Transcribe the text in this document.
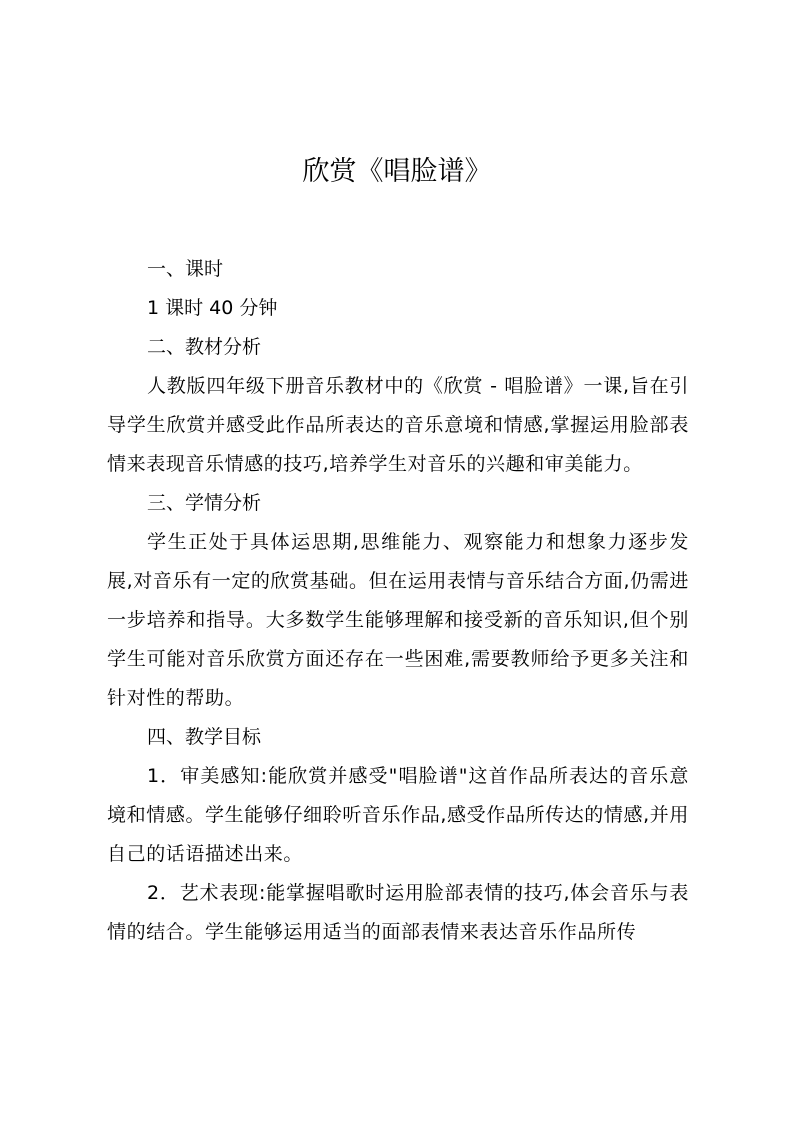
欣赏《唱脸谱》
一、课时

1 课时 40 分钟

二、教材分析

人教版四年级下册音乐教材中的《欣赏 - 唱脸谱》一课,旨在引导学生欣赏并感受此作品所表达的音乐意境和情感,掌握运用脸部表情来表现音乐情感的技巧,培养学生对音乐的兴趣和审美能力。

三、学情分析

学生正处于具体运思期,思维能力、观察能力和想象力逐步发展,对音乐有一定的欣赏基础。但在运用表情与音乐结合方面,仍需进一步培养和指导。大多数学生能够理解和接受新的音乐知识,但个别学生可能对音乐欣赏方面还存在一些困难,需要教师给予更多关注和针对性的帮助。

四、教学目标

1．审美感知:能欣赏并感受"唱脸谱"这首作品所表达的音乐意境和情感。学生能够仔细聆听音乐作品,感受作品所传达的情感,并用自己的话语描述出来。

2．艺术表现:能掌握唱歌时运用脸部表情的技巧,体会音乐与表情的结合。学生能够运用适当的面部表情来表达音乐作品所传
